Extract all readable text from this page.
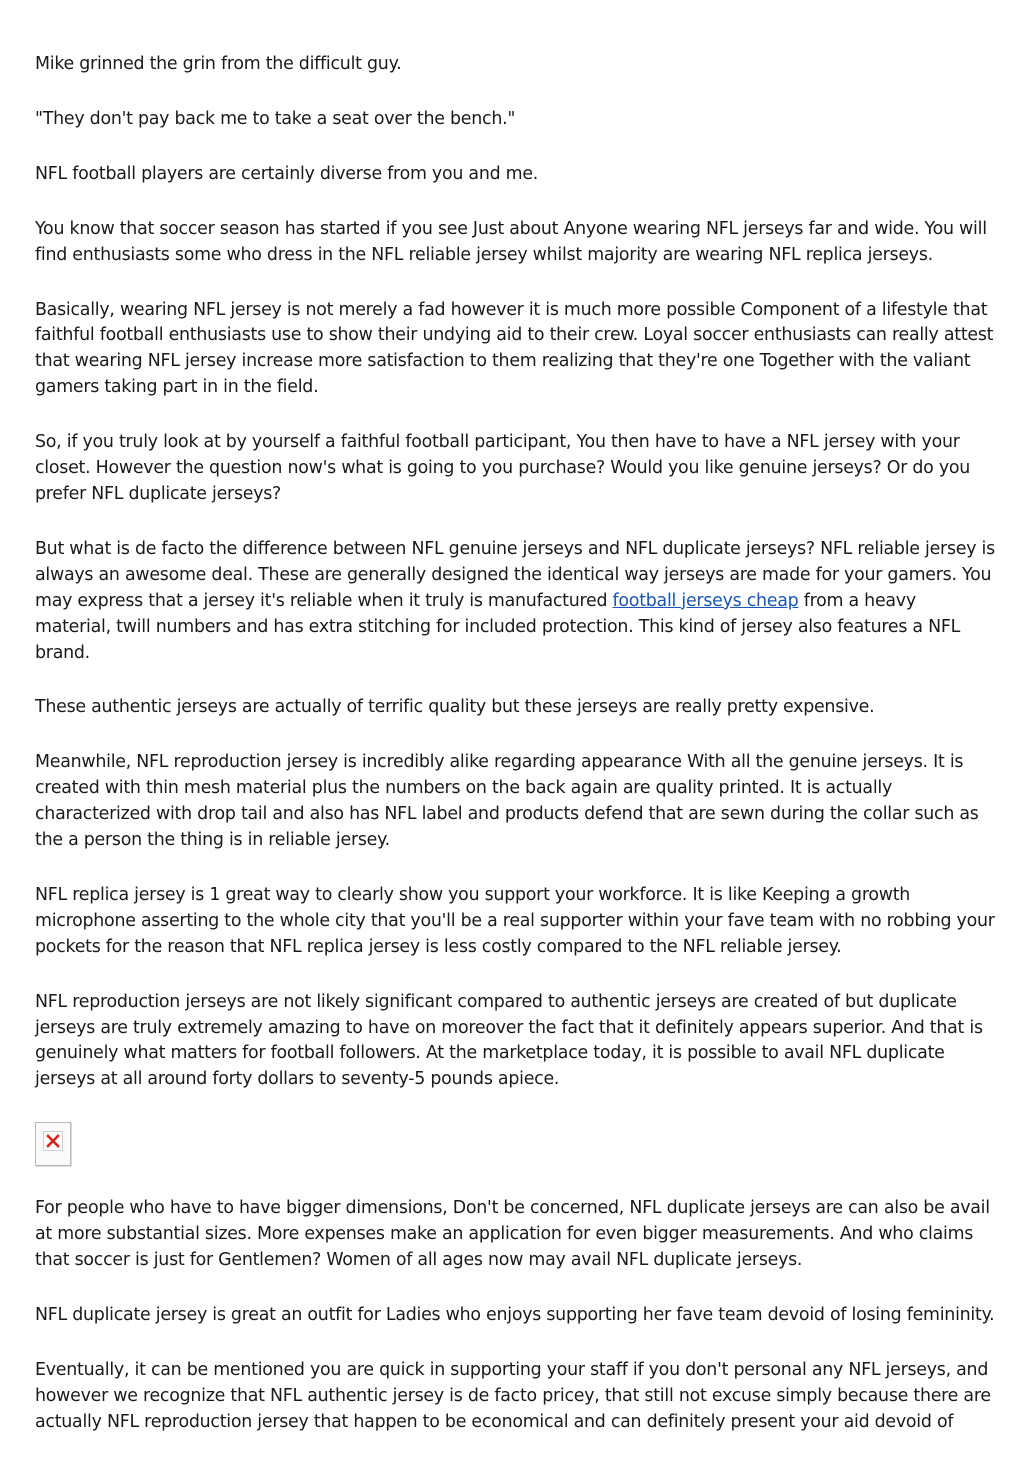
Mike grinned the grin from the difficult guy.

"They don't pay back me to take a seat over the bench."

NFL football players are certainly diverse from you and me.

You know that soccer season has started if you see Just about Anyone wearing NFL jerseys far and wide. You will find enthusiasts some who dress in the NFL reliable jersey whilst majority are wearing NFL replica jerseys.

Basically, wearing NFL jersey is not merely a fad however it is much more possible Component of a lifestyle that faithful football enthusiasts use to show their undying aid to their crew. Loyal soccer enthusiasts can really attest that wearing NFL jersey increase more satisfaction to them realizing that they're one Together with the valiant gamers taking part in in the field.

So, if you truly look at by yourself a faithful football participant, You then have to have a NFL jersey with your closet. However the question now's what is going to you purchase? Would you like genuine jerseys? Or do you prefer NFL duplicate jerseys?

But what is de facto the difference between NFL genuine jerseys and NFL duplicate jerseys? NFL reliable jersey is always an awesome deal. These are generally designed the identical way jerseys are made for your gamers. You may express that a jersey it's reliable when it truly is manufactured football jerseys cheap from a heavy material, twill numbers and has extra stitching for included protection. This kind of jersey also features a NFL brand.

These authentic jerseys are actually of terrific quality but these jerseys are really pretty expensive.

Meanwhile, NFL reproduction jersey is incredibly alike regarding appearance With all the genuine jerseys. It is created with thin mesh material plus the numbers on the back again are quality printed. It is actually characterized with drop tail and also has NFL label and products defend that are sewn during the collar such as the a person the thing is in reliable jersey.

NFL replica jersey is 1 great way to clearly show you support your workforce. It is like Keeping a growth microphone asserting to the whole city that you'll be a real supporter within your fave team with no robbing your pockets for the reason that NFL replica jersey is less costly compared to the NFL reliable jersey.

NFL reproduction jerseys are not likely significant compared to authentic jerseys are created of but duplicate jerseys are truly extremely amazing to have on moreover the fact that it definitely appears superior. And that is genuinely what matters for football followers. At the marketplace today, it is possible to avail NFL duplicate jerseys at all around forty dollars to seventy-5 pounds apiece.

For people who have to have bigger dimensions, Don't be concerned, NFL duplicate jerseys are can also be avail at more substantial sizes. More expenses make an application for even bigger measurements. And who claims that soccer is just for Gentlemen? Women of all ages now may avail NFL duplicate jerseys.

NFL duplicate jersey is great an outfit for Ladies who enjoys supporting her fave team devoid of losing femininity.

Eventually, it can be mentioned you are quick in supporting your staff if you don't personal any NFL jerseys, and however we recognize that NFL authentic jersey is de facto pricey, that still not excuse simply because there are actually NFL reproduction jersey that happen to be economical and can definitely present your aid devoid of
